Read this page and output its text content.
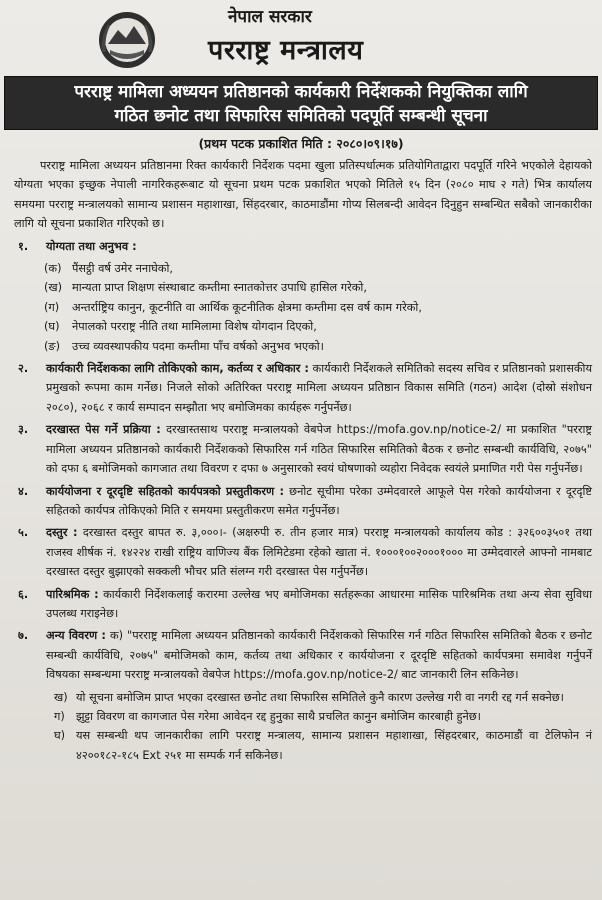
नेपाल सरकार
परराष्ट्र मन्त्रालय
परराष्ट्र मामिला अध्ययन प्रतिष्ठानको कार्यकारी निर्देशकको नियुक्तिका लागि
गठित छनोट तथा सिफारिस समितिको पदपूर्ति सम्बन्धी सूचना
(प्रथम पटक प्रकाशित मिति : २०८०।०९।१७)

परराष्ट्र मामिला अध्ययन प्रतिष्ठानमा रिक्त कार्यकारी निर्देशक पदमा खुला प्रतिस्पर्धात्मक प्रतियोगिताद्वारा पदपूर्ति गरिने भएकोले देहायको योग्यता भएका इच्छुक नेपाली नागरिकहरूबाट यो सूचना प्रथम पटक प्रकाशित भएको मितिले १५ दिन (२०८० माघ २ गते) भित्र कार्यालय समयमा परराष्ट्र मन्त्रालयको सामान्य प्रशासन महाशाखा, सिंहदरबार, काठमाडौंमा गोप्य सिलबन्दी आवेदन दिनुहुन सम्बन्धित सबैको जानकारीका लागि यो सूचना प्रकाशित गरिएको छ।

१. योग्यता तथा अनुभव :

(क) पैंसट्ठी वर्ष उमेर ननाघेको,

(ख) मान्यता प्राप्त शिक्षण संस्थाबाट कम्तीमा स्नातकोत्तर उपाधि हासिल गरेको,

(ग) अन्तर्राष्ट्रिय कानुन, कूटनीति वा आर्थिक कूटनीतिक क्षेत्रमा कम्तीमा दस वर्ष काम गरेको,

(घ) नेपालको परराष्ट्र नीति तथा मामिलामा विशेष योगदान दिएको,

(ङ) उच्च व्यवस्थापकीय पदमा कम्तीमा पाँच वर्षको अनुभव भएको।

२. कार्यकारी निर्देशकका लागि तोकिएको काम, कर्तव्य र अधिकार : कार्यकारी निर्देशकले समितिको सदस्य सचिव र प्रतिष्ठानको प्रशासकीय प्रमुखको रूपमा काम गर्नेछ। निजले सोको अतिरिक्त परराष्ट्र मामिला अध्ययन प्रतिष्ठान विकास समिति (गठन) आदेश (दोस्रो संशोधन २०८०), २०६८ र कार्य सम्पादन सम्झौता भए बमोजिमका कार्यहरू गर्नुपर्नेछ।
३. दरखास्त पेस गर्ने प्रक्रिया : दरखास्तसाथ परराष्ट्र मन्त्रालयको वेबपेज https://mofa.gov.np/notice-2/ मा प्रकाशित "परराष्ट्र मामिला अध्ययन प्रतिष्ठानको कार्यकारी निर्देशकको सिफारिस गर्न गठित सिफारिस समितिको बैठक र छनोट सम्बन्धी कार्यविधि, २०७५" को दफा ६ बमोजिमको कागजात तथा विवरण र दफा ७ अनुसारको स्वयं घोषणाको व्यहोरा निवेदक स्वयंले प्रमाणित गरी पेस गर्नुपर्नेछ।
४. कार्ययोजना र दूरदृष्टि सहितको कार्यपत्रको प्रस्तुतीकरण : छनोट सूचीमा परेका उम्मेदवारले आफूले पेस गरेको कार्ययोजना र दूरदृष्टि सहितको कार्यपत्र तोकिएको मिति र समयमा प्रस्तुतीकरण समेत गर्नुपर्नेछ।
५. दस्तुर : दरखास्त दस्तुर बापत रु. ३,०००।- (अक्षरुपी रु. तीन हजार मात्र) परराष्ट्र मन्त्रालयको कार्यालय कोड : ३२६००३५०१ तथा राजस्व शीर्षक नं. १४२२४ राखी राष्ट्रिय वाणिज्य बैंक लिमिटेडमा रहेको खाता नं. १०००१००२०००१००० मा उम्मेदवारले आफ्नो नामबाट दरखास्त दस्तुर बुझाएको सक्कली भौचर प्रति संलग्न गरी दरखास्त पेस गर्नुपर्नेछ।
६. पारिश्रमिक : कार्यकारी निर्देशकलाई करारमा उल्लेख भए बमोजिमका सर्तहरूका आधारमा मासिक पारिश्रमिक तथा अन्य सेवा सुविधा उपलब्ध गराइनेछ।
७. अन्य विवरण : क) "परराष्ट्र मामिला अध्ययन प्रतिष्ठानको कार्यकारी निर्देशकको सिफारिस गर्न गठित सिफारिस समितिको बैठक र छनोट सम्बन्धी कार्यविधि, २०७५" बमोजिमको काम, कर्तव्य तथा अधिकार र कार्ययोजना र दूरदृष्टि सहितको कार्यपत्रमा समावेश गर्नुपर्ने विषयका सम्बन्धमा परराष्ट्र मन्त्रालयको वेबपेज https://mofa.gov.np/notice-2/ बाट जानकारी लिन सकिनेछ।

ख) यो सूचना बमोजिम प्राप्त भएका दरखास्त छनोट तथा सिफारिस समितिले कुनै कारण उल्लेख गरी वा नगरी रद्द गर्न सक्नेछ।

ग) झुट्टा विवरण वा कागजात पेस गरेमा आवेदन रद्द हुनुका साथै प्रचलित कानुन बमोजिम कारबाही हुनेछ।

घ) यस सम्बन्धी थप जानकारीका लागि परराष्ट्र मन्त्रालय, सामान्य प्रशासन महाशाखा, सिंहदरबार, काठमाडौं वा टेलिफोन नं ४२००१८२-१८५ Ext २५१ मा सम्पर्क गर्न सकिनेछ।
